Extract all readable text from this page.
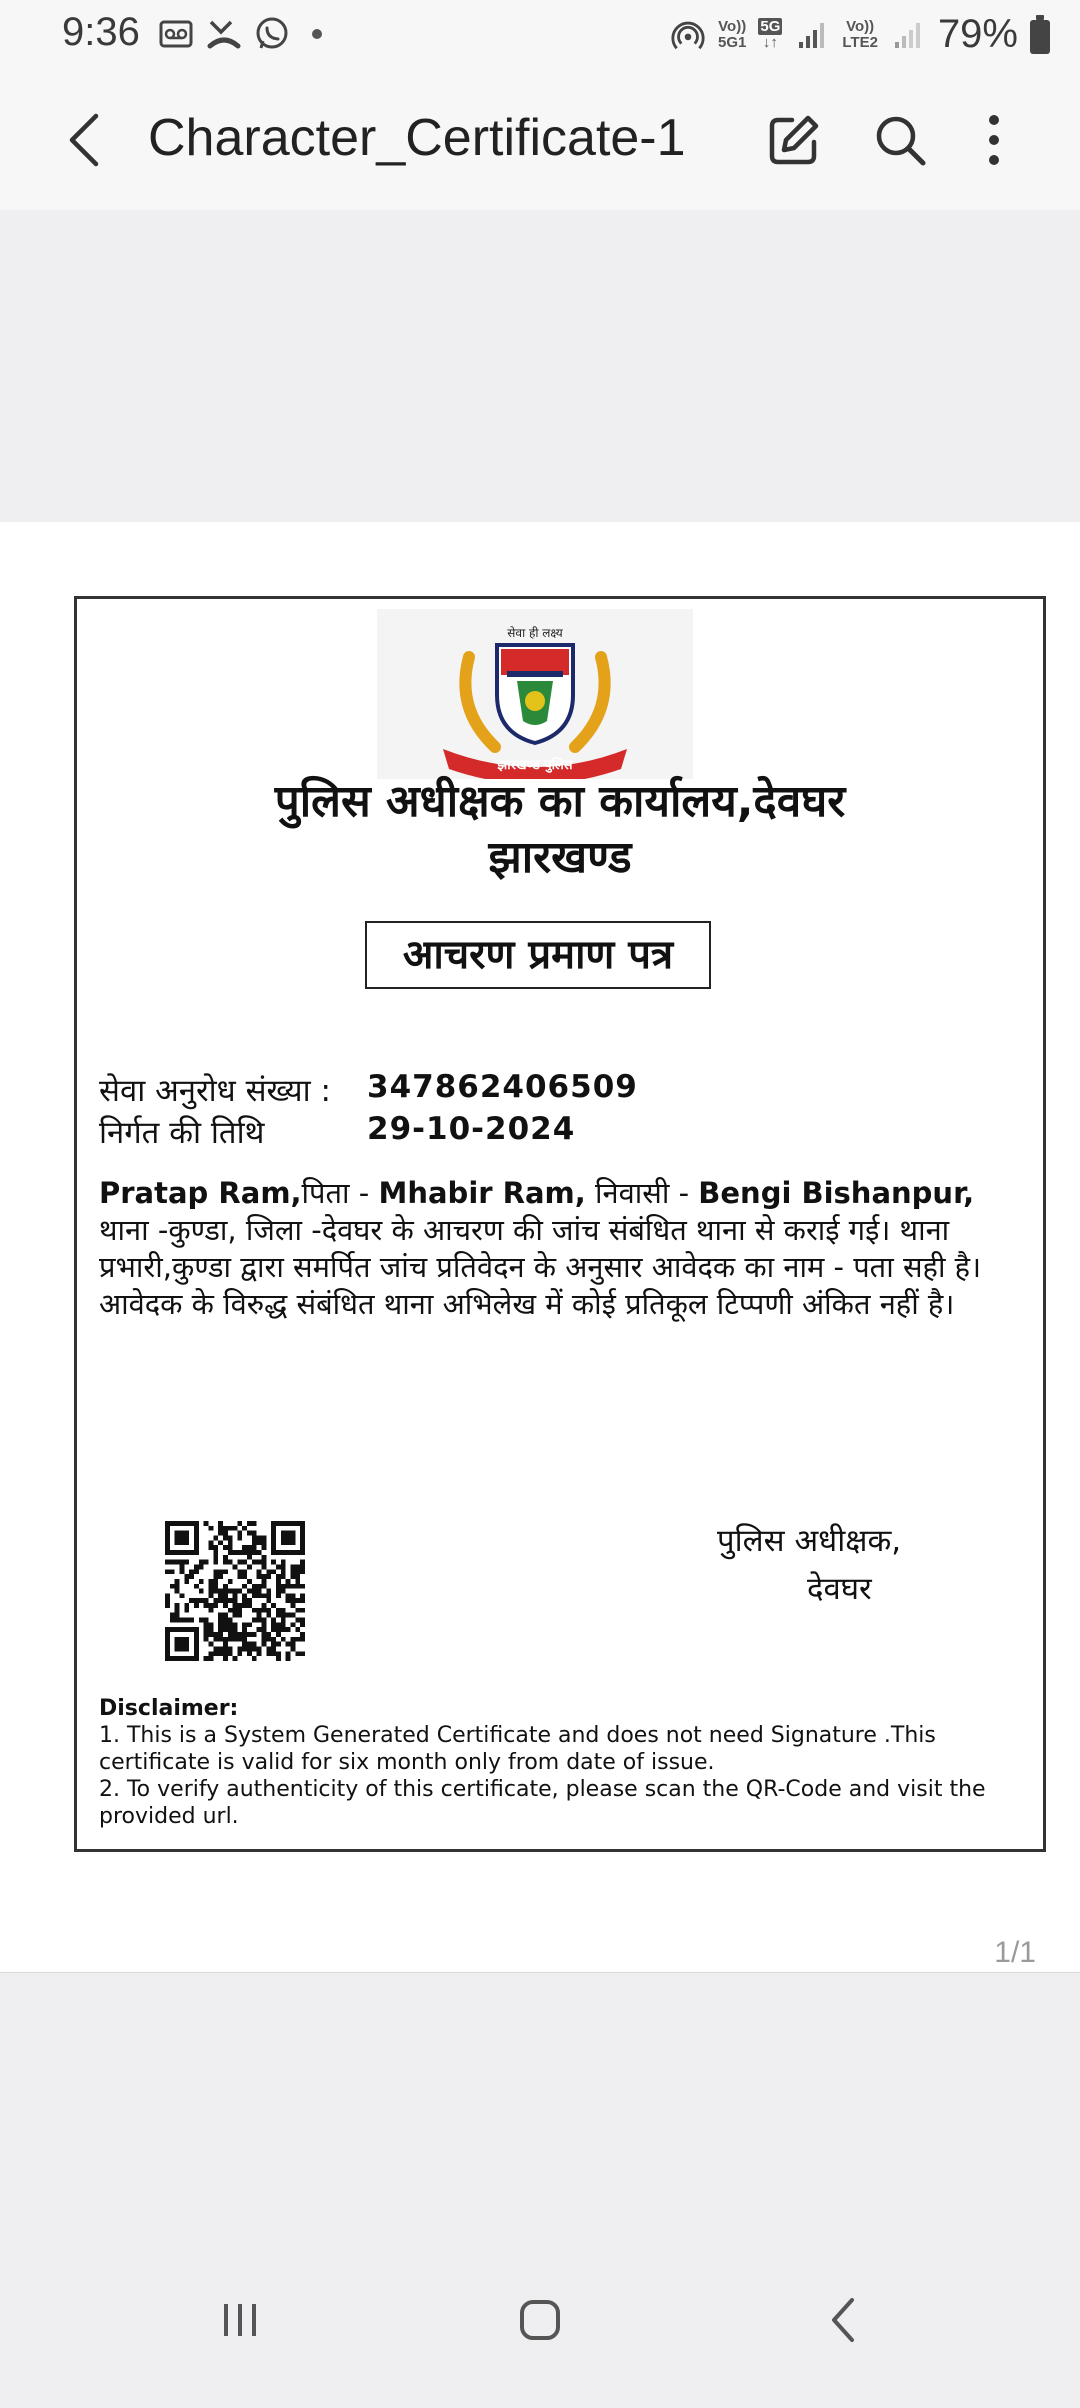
9:36	Vo))
5G1
5G
↓↑
Vo))
LTE2 79%
Character_Certificate-1
सेवा ही लक्ष्य
झारखण्ड पुलिस
पुलिस अधीक्षक का कार्यालय,देवघर
झारखण्ड
आचरण प्रमाण पत्र
सेवा अनुरोध संख्या :	347862406509
निर्गत की तिथि	29-10-2024
Pratap Ram,पिता - Mhabir Ram, निवासी - Bengi Bishanpur, थाना -कुण्डा, जिला -देवघर के आचरण की जांच संबंधित थाना से कराई गई। थाना प्रभारी,कुण्डा द्वारा समर्पित जांच प्रतिवेदन के अनुसार आवेदक का नाम - पता सही है। आवेदक के विरुद्ध संबंधित थाना अभिलेख में कोई प्रतिकूल टिप्पणी अंकित नहीं है।
पुलिस अधीक्षक,
देवघर
Disclaimer:
1. This is a System Generated Certificate and does not need Signature .This certificate is valid for six month only from date of issue.
2. To verify authenticity of this certificate, please scan the QR-Code and visit the provided url.
1/1
